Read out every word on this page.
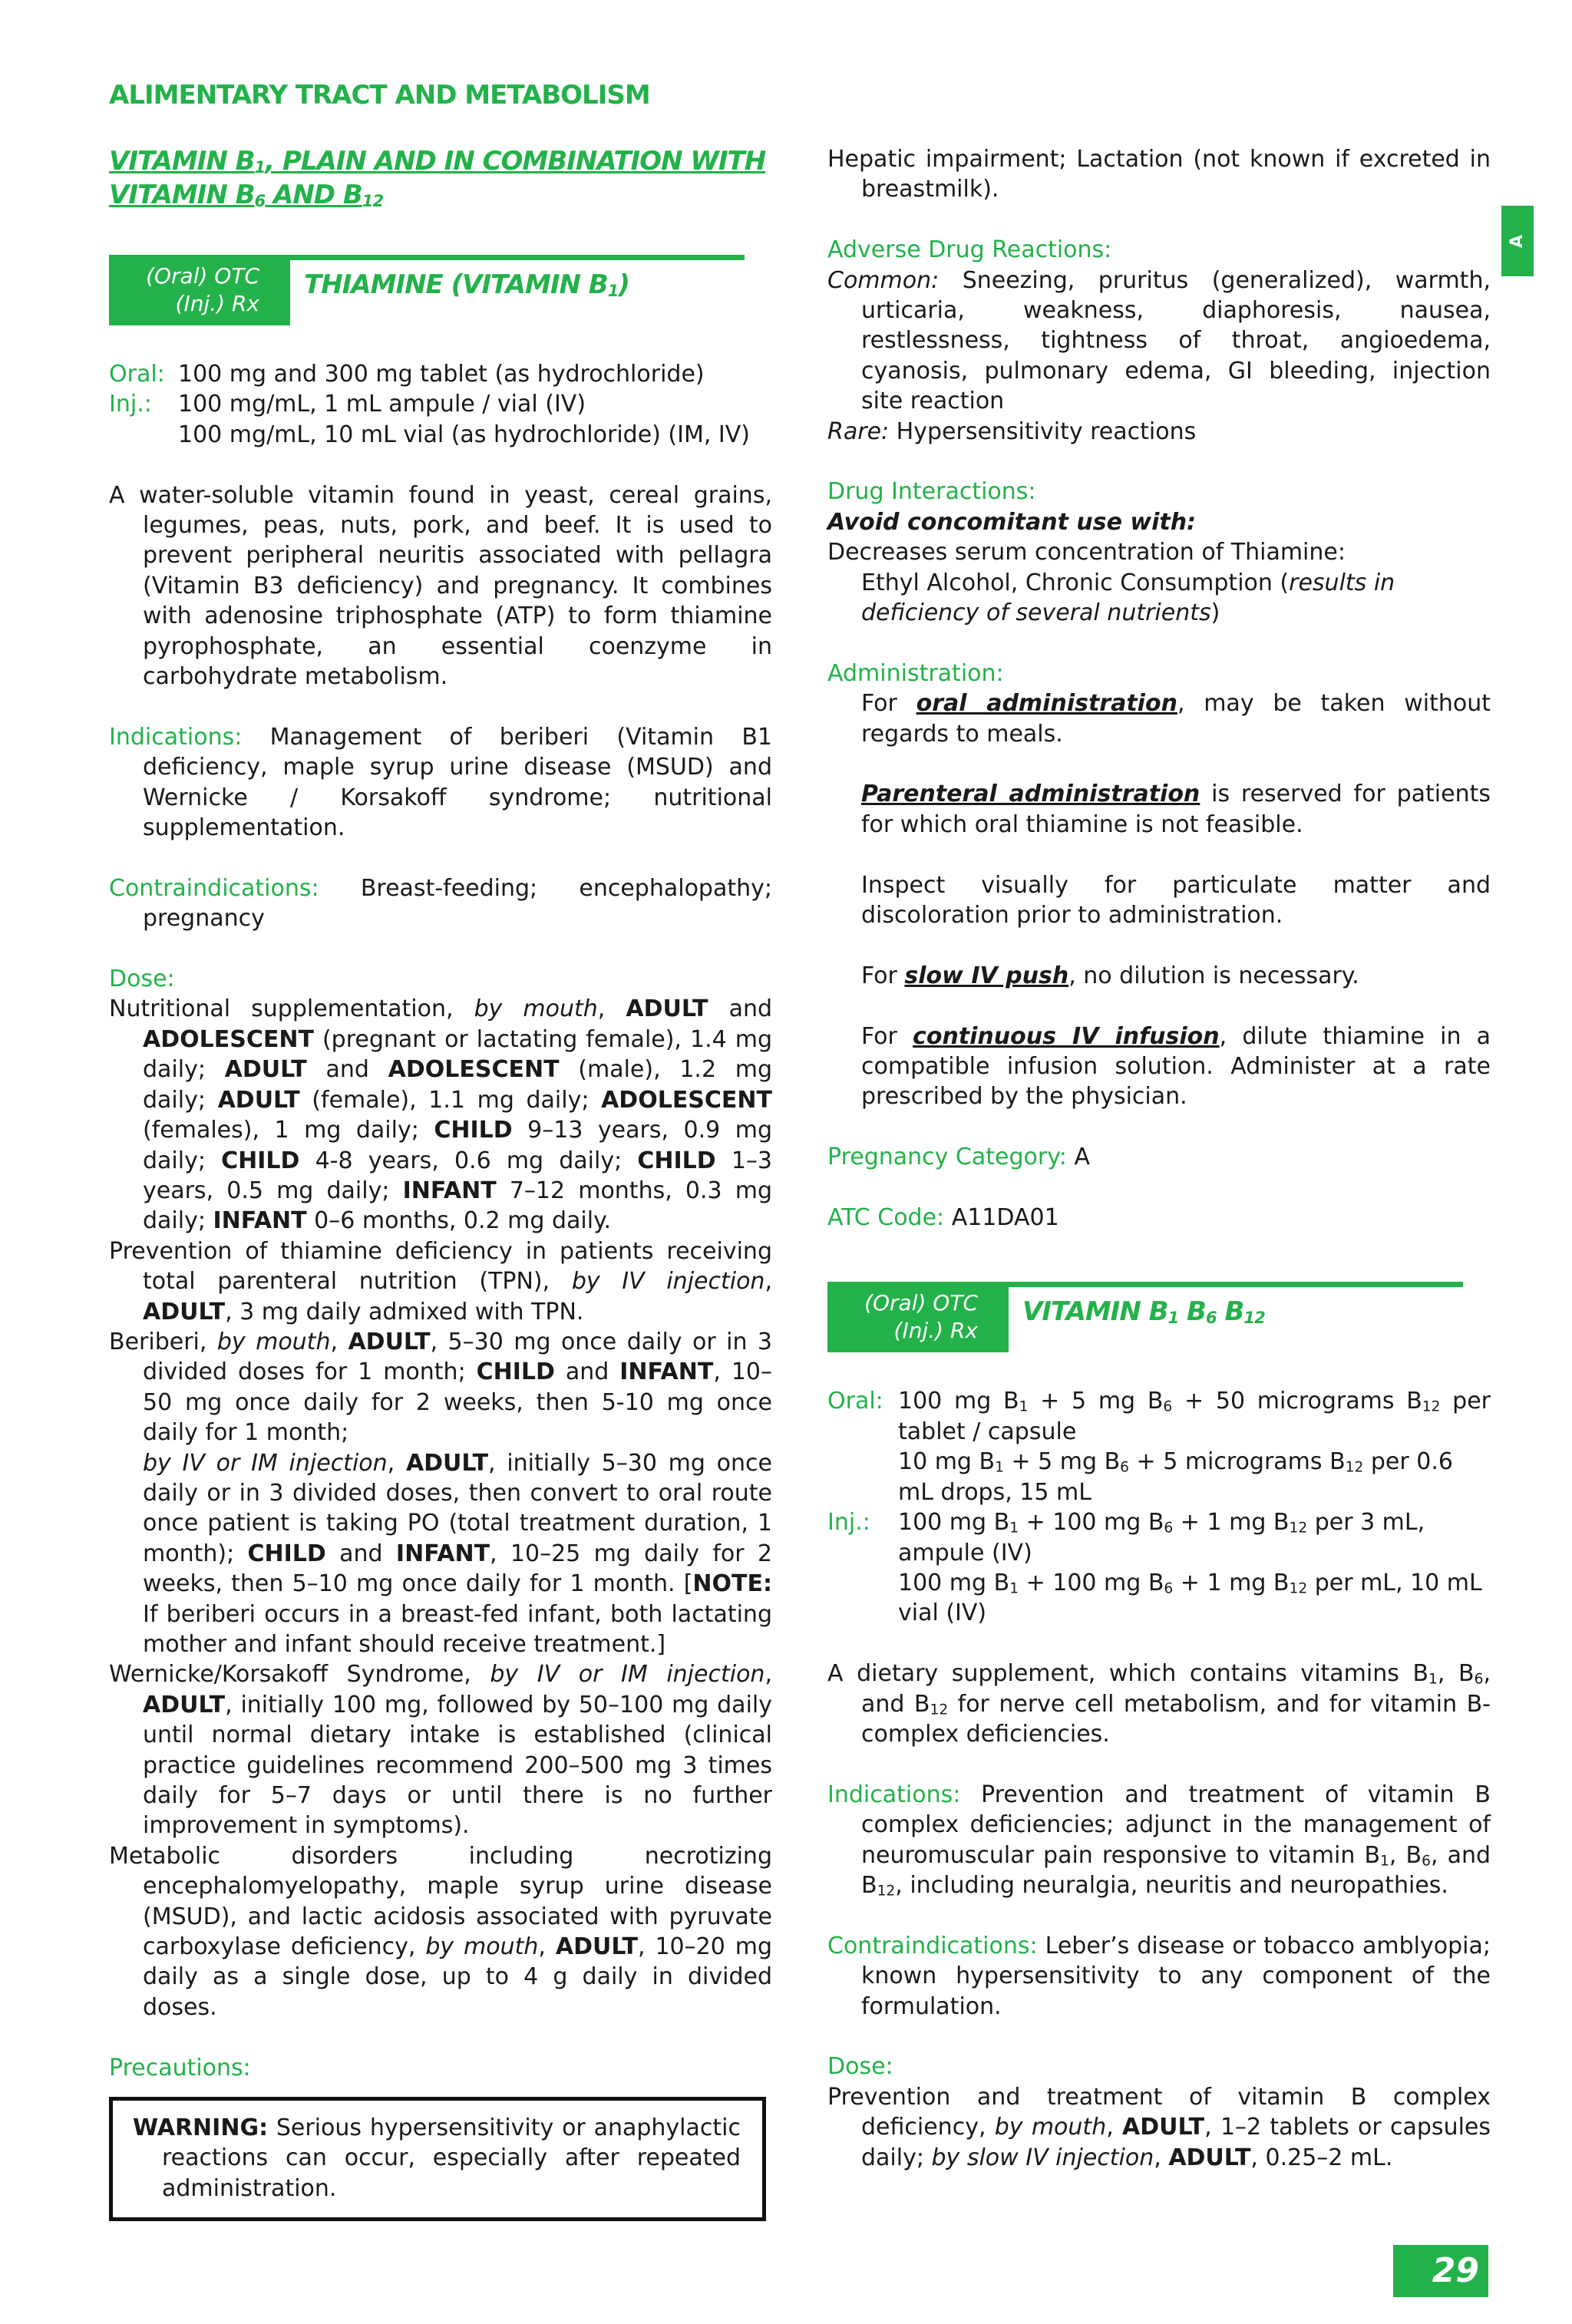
ALIMENTARY TRACT AND METABOLISM
A
VITAMIN $B_1$, PLAIN AND IN COMBINATION WITH
VITAMIN $B_6$ AND $B_{12}$
(Oral) OTC
(Inj.) Rx
THIAMINE (VITAMIN $B_1$)
Oral: 100 mg and 300 mg tablet (as hydrochloride)
Inj.:	100 mg/mL, 1 mL ampule / vial (IV)
100 mg/mL, 10 mL vial (as hydrochloride) (IM, IV)

A water-soluble vitamin found in yeast, cereal grains, legumes, peas, nuts, pork, and beef. It is used to prevent peripheral neuritis associated with pellagra (Vitamin B3 deficiency) and pregnancy. It combines with adenosine triphosphate (ATP) to form thiamine pyrophosphate, an essential coenzyme in carbohydrate metabolism.

Indications: Management of beriberi (Vitamin B1 deficiency, maple syrup urine disease (MSUD) and Wernicke / Korsakoff syndrome; nutritional supplementation.

Contraindications: Breast-feeding; encephalopathy; pregnancy

Dose:

Nutritional supplementation, by mouth, ADULT and ADOLESCENT (pregnant or lactating female), 1.4 mg daily; ADULT and ADOLESCENT (male), 1.2 mg daily; ADULT (female), 1.1 mg daily; ADOLESCENT (females), 1 mg daily; CHILD 9–13 years, 0.9 mg daily; CHILD 4-8 years, 0.6 mg daily; CHILD 1–3 years, 0.5 mg daily; INFANT 7–12 months, 0.3 mg daily; INFANT 0–6 months, 0.2 mg daily.

Prevention of thiamine deficiency in patients receiving total parenteral nutrition (TPN), by IV injection, ADULT, 3 mg daily admixed with TPN.

Beriberi, by mouth, ADULT, 5–30 mg once daily or in 3 divided doses for 1 month; CHILD and INFANT, 10–50 mg once daily for 2 weeks, then 5-10 mg once daily for 1 month;

by IV or IM injection, ADULT, initially 5–30 mg once daily or in 3 divided doses, then convert to oral route once patient is taking PO (total treatment duration, 1 month); CHILD and INFANT, 10–25 mg daily for 2 weeks, then 5–10 mg once daily for 1 month. [NOTE: If beriberi occurs in a breast-fed infant, both lactating mother and infant should receive treatment.]

Wernicke/Korsakoff Syndrome, by IV or IM injection, ADULT, initially 100 mg, followed by 50–100 mg daily until normal dietary intake is established (clinical practice guidelines recommend 200–500 mg 3 times daily for 5–7 days or until there is no further improvement in symptoms).

Metabolic disorders including necrotizing encephalomyelopathy, maple syrup urine disease (MSUD), and lactic acidosis associated with pyruvate carboxylase deficiency, by mouth, ADULT, 10–20 mg daily as a single dose, up to 4 g daily in divided doses.

Precautions:

WARNING: Serious hypersensitivity or anaphylactic reactions can occur, especially after repeated administration.

Hepatic impairment; Lactation (not known if excreted in breastmilk).

Adverse Drug Reactions:

Common: Sneezing, pruritus (generalized), warmth, urticaria, weakness, diaphoresis, nausea, restlessness, tightness of throat, angioedema, cyanosis, pulmonary edema, GI bleeding, injection site reaction

Rare: Hypersensitivity reactions

Drug Interactions:

Avoid concomitant use with:

Decreases serum concentration of Thiamine:

Ethyl Alcohol, Chronic Consumption (results in deficiency of several nutrients)

Administration:

For oral administration, may be taken without regards to meals.

Parenteral administration is reserved for patients for which oral thiamine is not feasible.

Inspect visually for particulate matter and discoloration prior to administration.

For slow IV push, no dilution is necessary.

For continuous IV infusion, dilute thiamine in a compatible infusion solution. Administer at a rate prescribed by the physician.

Pregnancy Category: A

ATC Code: A11DA01

(Oral) OTC
(Inj.) Rx
VITAMIN $B_1$ $B_6$ $B_{12}$
Oral: 100 mg $B_1 + 5$ mg $B_6 + 50$ micrograms $B_{12}$ per tablet / capsule
10 mg $B_1 + 5$ mg $B_6 + 5$ micrograms $B_{12}$ per 0.6 mL drops, 15 mL
Inj.:	100 mg $B_1 + 100$ mg $B_6 + 1$ mg $B_{12}$ per 3 mL, ampule (IV)
100 mg $B_1 + 100$ mg $B_6 + 1$ mg $B_{12}$ per mL, 10 mL vial (IV)

A dietary supplement, which contains vitamins $B_1$, $B_6$, and $B_{12}$ for nerve cell metabolism, and for vitamin B-complex deficiencies.

Indications: Prevention and treatment of vitamin B complex deficiencies; adjunct in the management of neuromuscular pain responsive to vitamin $B_1$, $B_6$, and $B_{12}$, including neuralgia, neuritis and neuropathies.

Contraindications: Leber’s disease or tobacco amblyopia; known hypersensitivity to any component of the formulation.

Dose:

Prevention and treatment of vitamin B complex deficiency, by mouth, ADULT, 1–2 tablets or capsules daily; by slow IV injection, ADULT, 0.25–2 mL.

29
